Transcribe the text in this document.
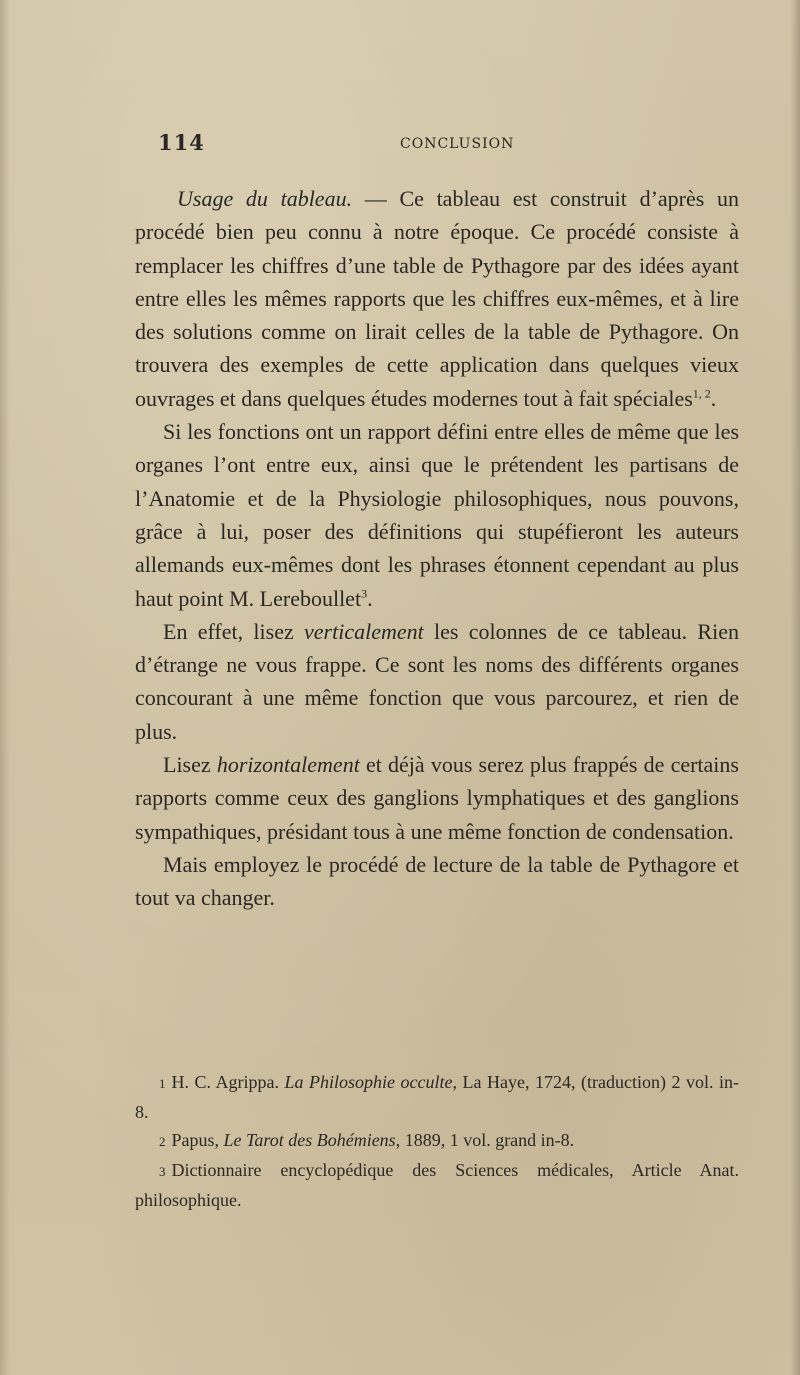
114	CONCLUSION

Usage du tableau. — Ce tableau est construit d’après un procédé bien peu connu à notre époque. Ce procédé consiste à remplacer les chiffres d’une table de Pythagore par des idées ayant entre elles les mêmes rapports que les chiffres eux-mêmes, et à lire des solutions comme on lirait celles de la table de Pythagore. On trouvera des exemples de cette application dans quelques vieux ouvrages et dans quelques études modernes tout à fait spéciales$^{1, 2}$.

Si les fonctions ont un rapport défini entre elles de même que les organes l’ont entre eux, ainsi que le prétendent les partisans de l’Anatomie et de la Physiologie philosophiques, nous pouvons, grâce à lui, poser des définitions qui stupéfieront les auteurs allemands eux-mêmes dont les phrases étonnent cependant au plus haut point M. Lereboullet$^3$.

En effet, lisez verticalement les colonnes de ce tableau. Rien d’étrange ne vous frappe. Ce sont les noms des différents organes concourant à une même fonction que vous parcourez, et rien de plus.

Lisez horizontalement et déjà vous serez plus frappés de certains rapports comme ceux des ganglions lymphatiques et des ganglions sympathiques, présidant tous à une même fonction de condensation.

Mais employez le procédé de lecture de la table de Pythagore et tout va changer.

1 H. C. Agrippa. La Philosophie occulte, La Haye, 1724, (traduction) 2 vol. in-8.

2 Papus, Le Tarot des Bohémiens, 1889, 1 vol. grand in-8.

3 Dictionnaire encyclopédique des Sciences médicales, Article Anat. philosophique.
